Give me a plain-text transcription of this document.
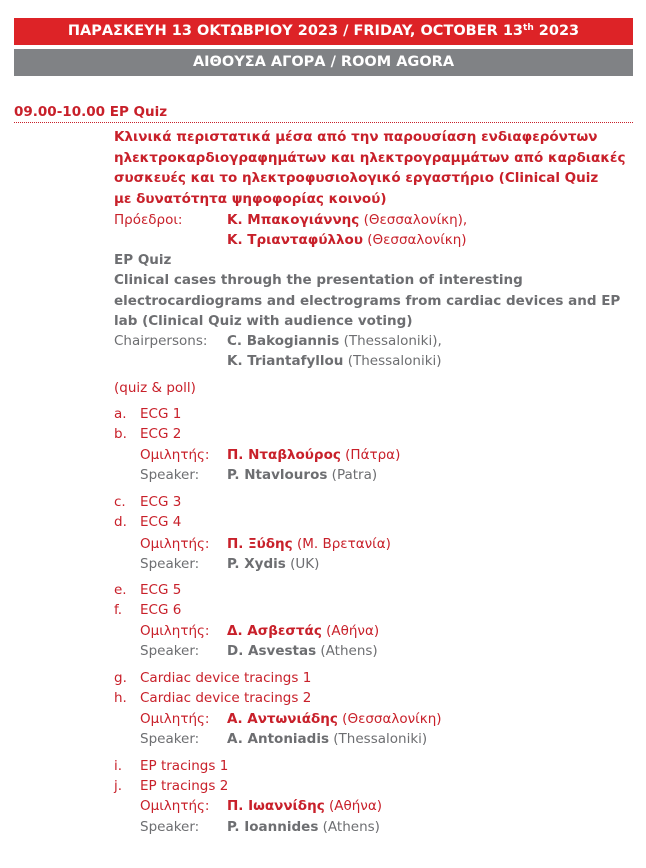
ΠΑΡΑΣΚΕΥΗ 13 ΟΚΤΩΒΡΙΟΥ 2023 / FRIDAY, OCTOBER 13th 2023
ΑΙΘΟΥΣΑ ΑΓΟΡΑ / ROOM AGORA
09.00-10.00 EP Quiz
Κλινικά περιστατικά μέσα από την παρουσίαση ενδιαφερόντων
ηλεκτροκαρδιογραφημάτων και ηλεκτρογραμμάτων από καρδιακές
συσκευές και το ηλεκτροφυσιολογικό εργαστήριο (Clinical Quiz
με δυνατότητα ψηφοφορίας κοινού)
Πρόεδροι:	Κ. Μπακογιάννης (Θεσσαλονίκη),
Κ. Τριανταφύλλου (Θεσσαλονίκη)
EP Quiz
Clinical cases through the presentation of interesting
electrocardiograms and electrograms from cardiac devices and EP
lab (Clinical Quiz with audience voting)
Chairpersons: C. Bakogiannis (Thessaloniki),
K. Triantafyllou (Thessaloniki)
(quiz & poll)
a. ECG 1
b. ECG 2
Ομιλητής: Π. Νταβλούρος (Πάτρα)
Speaker: P. Ntavlouros (Patra)
c. ECG 3
d. ECG 4
Ομιλητής: Π. Ξύδης (Μ. Βρετανία)
Speaker: P. Xydis (UK)
e. ECG 5
f. ECG 6
Ομιλητής: Δ. Ασβεστάς (Αθήνα)
Speaker: D. Asvestas (Athens)
g. Cardiac device tracings 1
h. Cardiac device tracings 2
Ομιλητής: Α. Αντωνιάδης (Θεσσαλονίκη)
Speaker: A. Antoniadis (Thessaloniki)
i. EP tracings 1
j. EP tracings 2
Ομιλητής: Π. Ιωαννίδης (Αθήνα)
Speaker: P. Ioannides (Athens)
